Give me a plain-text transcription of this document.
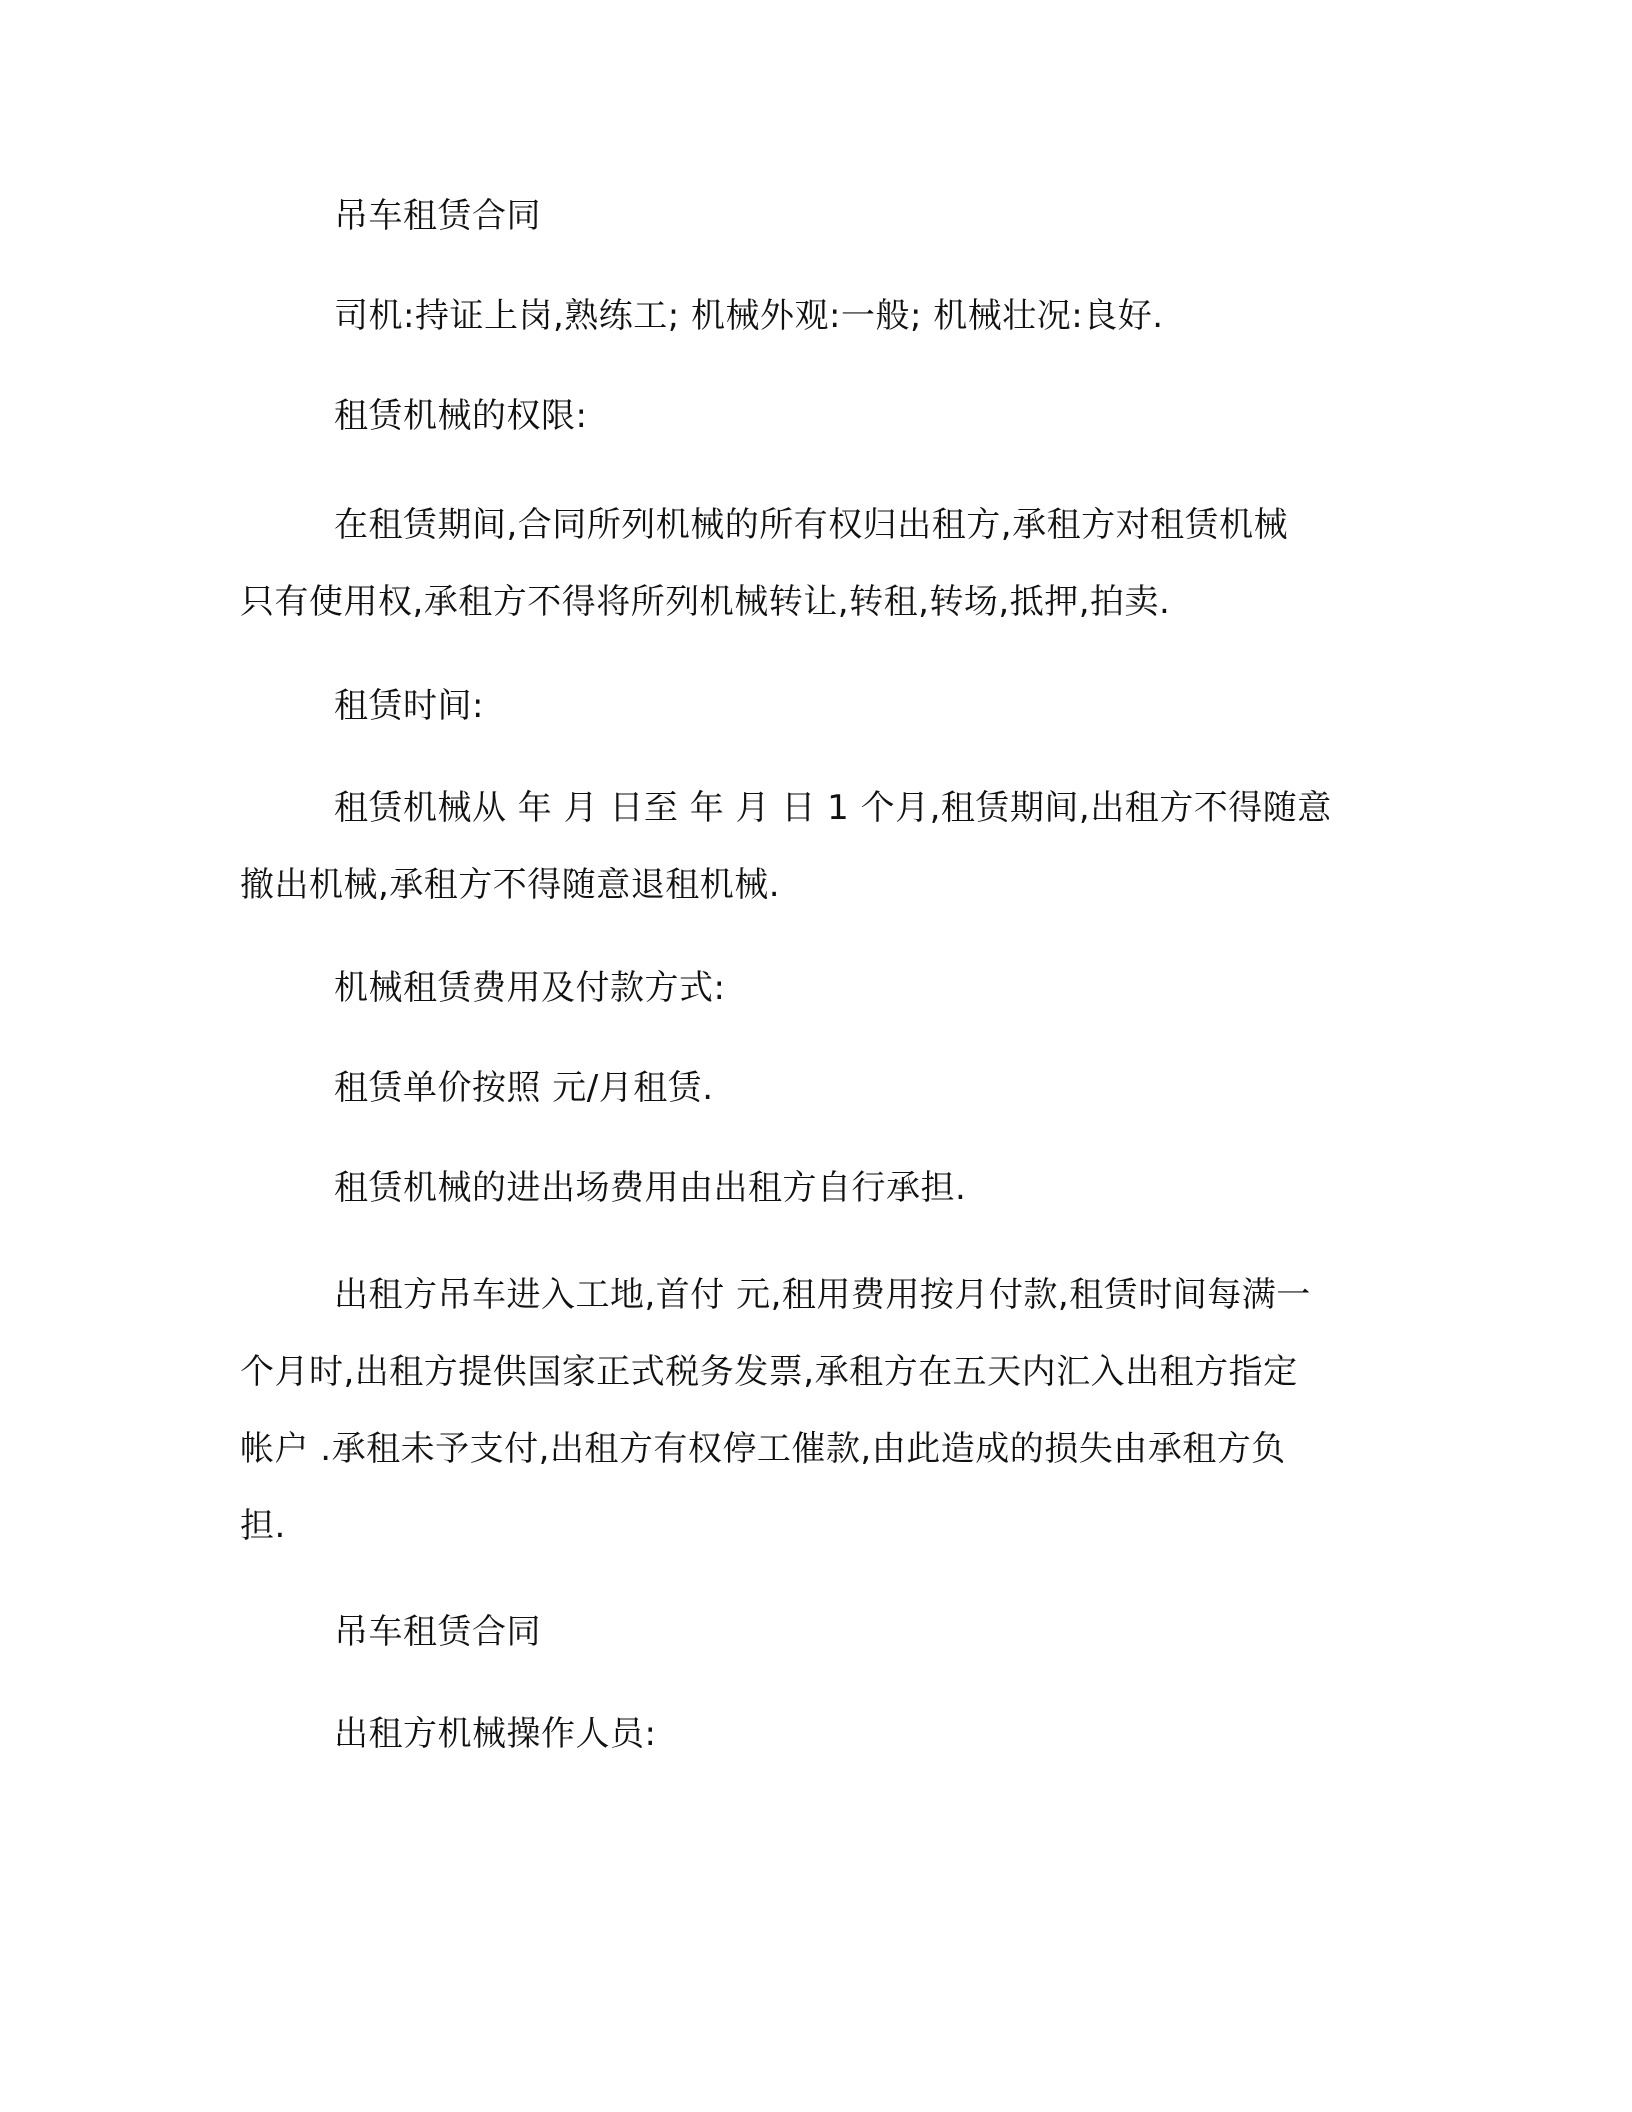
吊车租赁合同
司机:持证上岗,熟练工; 机械外观:一般; 机械壮况:良好.
租赁机械的权限:
在租赁期间,合同所列机械的所有权归出租方,承租方对租赁机械
只有使用权,承租方不得将所列机械转让,转租,转场,抵押,拍卖.
租赁时间:
租赁机械从 年 月 日至 年 月 日 1 个月,租赁期间,出租方不得随意
撤出机械,承租方不得随意退租机械.
机械租赁费用及付款方式:
租赁单价按照 元/月租赁.
租赁机械的进出场费用由出租方自行承担.
出租方吊车进入工地,首付 元,租用费用按月付款,租赁时间每满一
个月时,出租方提供国家正式税务发票,承租方在五天内汇入出租方指定
帐户 .承租未予支付,出租方有权停工催款,由此造成的损失由承租方负
担.
吊车租赁合同
出租方机械操作人员:
